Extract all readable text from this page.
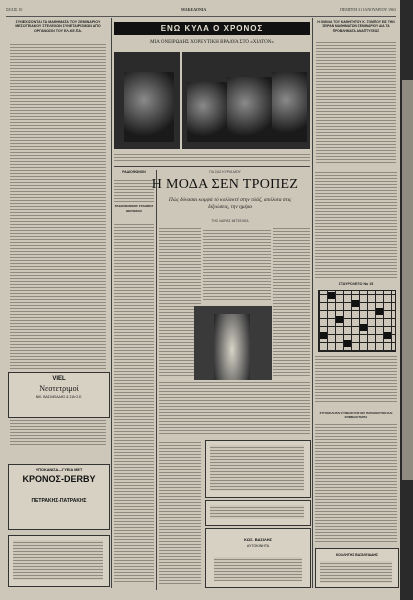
ΣΕΛΙΣ 10	ΜΑΚΕΔΟΝΙΑ	ΠΕΜΠΤΗ 31 ΙΑΝΟΥΑΡΙΟΥ 1963
ΣΥΝΕΧΙΖΟΝΤΑΙ ΤΑ ΜΑΘΗΜΑΤΑ ΤΟΥ ΣΕΜΙΝΑΡΙΟΥ ΜΕΣΟΓΕΙΑΚΟΥ ΣΤΕΛΕΧΩΝ ΣΥΝΕΤΑΙΡΙΣΜΩΝ ΑΠΟ ΟΡΓΑΝΩΣΙΝ ΤΟΥ ΕΛ.ΚΕ.ΠΑ.	ΕΝΩ ΚΥΛΑ Ο ΧΡΟΝΟΣ
ΜΙΑ ΟΝΕΙΡΩΔΗΣ ΧΟΡΕΥΤΙΚΗ ΒΡΑΔΥΑ ΣΤΟ «ΧΙΛΤΟΝ»
Η ΟΜΙΛΙΑ ΤΟΥ ΚΑΘΗΓΗΤΟΥ Κ. ΤΟΜΠΟΥ ΕΙΣ ΤΗΝ ΣΕΙΡΑΝ ΜΑΘΗΜΑΤΩΝ ΣΕΜΙΝΑΡΙΟΥ ΔΙΑ ΤΑ ΠΡΟΒΛΗΜΑΤΑ ΑΝΑΠΤΥΞΕΩΣ
ΡΑΔΙΟΦΩΝΟΝ
ΡΑΔΙΟΦΩΝΙΚΟΣ ΣΤΑΘΜΟΣ ΘΕΣ/ΝΙΚΗΣ
ΓΙΑ ΣΑΣ ΚΥΡΙΑ ΜΟΥ
Η ΜΟΔΑ ΣΕΝ ΤΡΟΠΕΖ
Πώς δύνασαι κομψά τό κολλεκτέ στην πλάζ, απόλυτα στις διξιώσεις, την ημέρα
ΤΗΣ ΛΑΙΡΑΣ ΜΙΤΣΕΛΕΑ
ΣΤΑΥΡΟΛΕΞΟ Νο 15
ΣΥΓΚΕΚΛΗΤΑΙ ΣΥΝΕΛΕΥΣΙΣ ΕΙΣ ΠΑΡΑΚΕΣΤΟΝ ΚΑΙ ΕΠΙΜΕΛΗΤΗΡΙΑ
VIEL
Νεοτετριμοί
ΝΙΚ. ΒΑΣΙΛΕΙΑΔΗΣ & ΣΙΑ Ο.Ε.
ΥΠΟΚΑΝΙΣΑ—ΓΥΕΙΑ ΜΕΤ
ΚΡΟΝΟΣ-DERBY
ΠΕΤΡΑΚΗΣ-ΠΑΤΡΑΚΗΣ
ΚΩΣ. ΒΑΣΙΛΗΣ
ΑΥΤΟΚΙΝΗΤΑ
ΚΟΛΛΗΤΗΣ ΒΑΣΙΛΕΙΑΔΗΣ
